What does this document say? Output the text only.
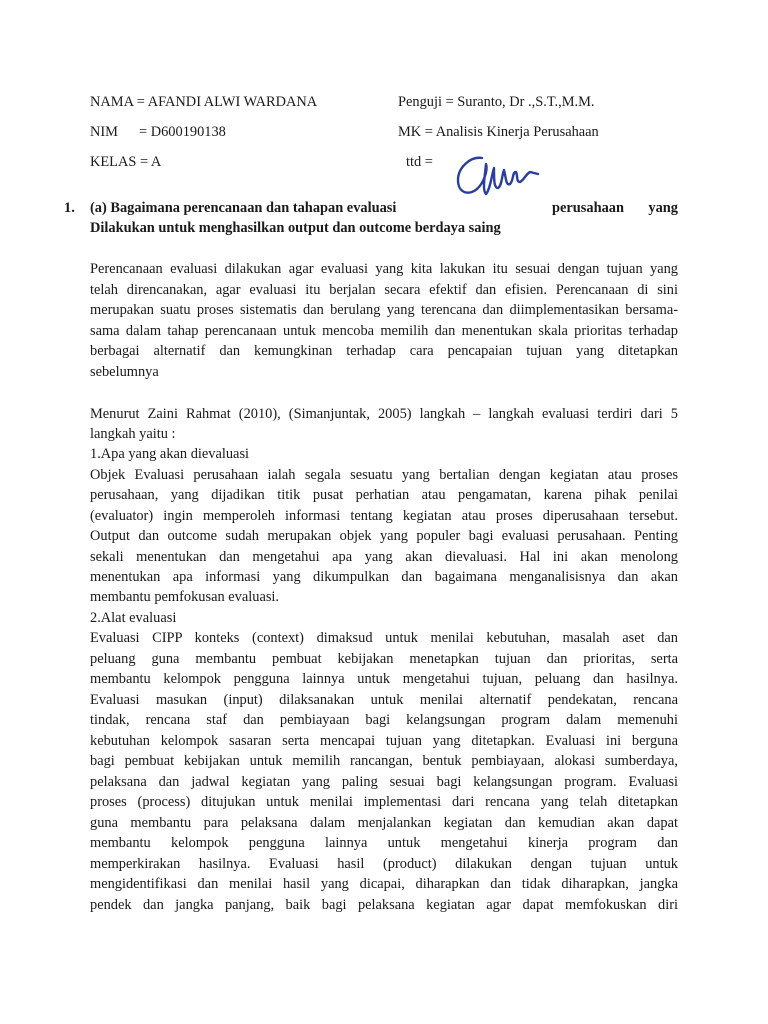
NAMA = AFANDI ALWI WARDANA
NIM = D600190138
KELAS = A
Penguji = Suranto, Dr .,S.T.,M.M.
MK = Analisis Kinerja Perusahaan
ttd =
1. (a) Bagaimana perencanaan dan tahapan evaluasi	perusahaan yang
Dilakukan untuk menghasilkan output dan outcome berdaya saing
Perencanaan evaluasi dilakukan agar evaluasi yang kita lakukan itu sesuai dengan tujuan yang
telah direncanakan, agar evaluasi itu berjalan secara efektif dan efisien. Perencanaan di sini
merupakan suatu proses sistematis dan berulang yang terencana dan diimplementasikan bersama-
sama dalam tahap perencanaan untuk mencoba memilih dan menentukan skala prioritas terhadap
berbagai alternatif dan kemungkinan terhadap cara pencapaian tujuan yang ditetapkan
sebelumnya
Menurut Zaini Rahmat (2010), (Simanjuntak, 2005) langkah – langkah evaluasi terdiri dari 5
langkah yaitu :
1.Apa yang akan dievaluasi
Objek Evaluasi perusahaan ialah segala sesuatu yang bertalian dengan kegiatan atau proses
perusahaan, yang dijadikan titik pusat perhatian atau pengamatan, karena pihak penilai
(evaluator) ingin memperoleh informasi tentang kegiatan atau proses diperusahaan tersebut.
Output dan outcome sudah merupakan objek yang populer bagi evaluasi perusahaan. Penting
sekali menentukan dan mengetahui apa yang akan dievaluasi. Hal ini akan menolong
menentukan apa informasi yang dikumpulkan dan bagaimana menganalisisnya dan akan
membantu pemfokusan evaluasi.
2.Alat evaluasi
Evaluasi CIPP konteks (context) dimaksud untuk menilai kebutuhan, masalah aset dan
peluang guna membantu pembuat kebijakan menetapkan tujuan dan prioritas, serta
membantu kelompok pengguna lainnya untuk mengetahui tujuan, peluang dan hasilnya.
Evaluasi masukan (input) dilaksanakan untuk menilai alternatif pendekatan, rencana
tindak, rencana staf dan pembiayaan bagi kelangsungan program dalam memenuhi
kebutuhan kelompok sasaran serta mencapai tujuan yang ditetapkan. Evaluasi ini berguna
bagi pembuat kebijakan untuk memilih rancangan, bentuk pembiayaan, alokasi sumberdaya,
pelaksana dan jadwal kegiatan yang paling sesuai bagi kelangsungan program. Evaluasi
proses (process) ditujukan untuk menilai implementasi dari rencana yang telah ditetapkan
guna membantu para pelaksana dalam menjalankan kegiatan dan kemudian akan dapat
membantu kelompok pengguna lainnya untuk mengetahui kinerja program dan
memperkirakan hasilnya. Evaluasi hasil (product) dilakukan dengan tujuan untuk
mengidentifikasi dan menilai hasil yang dicapai, diharapkan dan tidak diharapkan, jangka
pendek dan jangka panjang, baik bagi pelaksana kegiatan agar dapat memfokuskan diri
